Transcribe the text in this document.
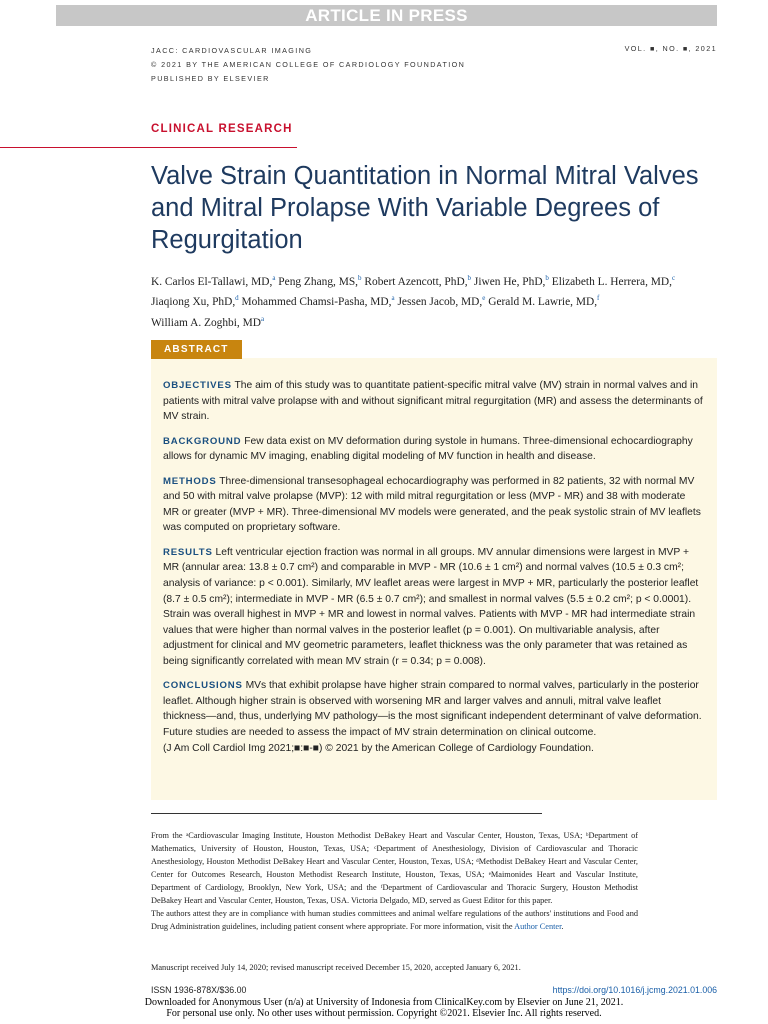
ARTICLE IN PRESS
JACC: CARDIOVASCULAR IMAGING
© 2021 BY THE AMERICAN COLLEGE OF CARDIOLOGY FOUNDATION
PUBLISHED BY ELSEVIER
VOL. ■, NO. ■, 2021
CLINICAL RESEARCH
Valve Strain Quantitation in Normal Mitral Valves and Mitral Prolapse With Variable Degrees of Regurgitation
K. Carlos El-Tallawi, MD,$^a$ Peng Zhang, MS,$^b$ Robert Azencott, PhD,$^b$ Jiwen He, PhD,$^b$ Elizabeth L. Herrera, MD,$^c$
Jiaqiong Xu, PhD,$^d$ Mohammed Chamsi-Pasha, MD,$^a$ Jessen Jacob, MD,$^e$ Gerald M. Lawrie, MD,$^f$
William A. Zoghbi, $MD^a$
ABSTRACT

OBJECTIVES The aim of this study was to quantitate patient-specific mitral valve (MV) strain in normal valves and in patients with mitral valve prolapse with and without significant mitral regurgitation (MR) and assess the determinants of MV strain.

BACKGROUND Few data exist on MV deformation during systole in humans. Three-dimensional echocardiography allows for dynamic MV imaging, enabling digital modeling of MV function in health and disease.

METHODS Three-dimensional transesophageal echocardiography was performed in 82 patients, 32 with normal MV and 50 with mitral valve prolapse (MVP): 12 with mild mitral regurgitation or less (MVP - MR) and 38 with moderate MR or greater (MVP + MR). Three-dimensional MV models were generated, and the peak systolic strain of MV leaflets was computed on proprietary software.

RESULTS Left ventricular ejection fraction was normal in all groups. MV annular dimensions were largest in MVP + MR (annular area: 13.8 ± 0.7 cm²) and comparable in MVP - MR (10.6 ± 1 cm²) and normal valves (10.5 ± 0.3 cm²; analysis of variance: p < 0.001). Similarly, MV leaflet areas were largest in MVP + MR, particularly the posterior leaflet (8.7 ± 0.5 cm²); intermediate in MVP - MR (6.5 ± 0.7 cm²); and smallest in normal valves (5.5 ± 0.2 cm²; p < 0.0001). Strain was overall highest in MVP + MR and lowest in normal valves. Patients with MVP - MR had intermediate strain values that were higher than normal valves in the posterior leaflet (p = 0.001). On multivariable analysis, after adjustment for clinical and MV geometric parameters, leaflet thickness was the only parameter that was retained as being significantly correlated with mean MV strain (r = 0.34; p = 0.008).

CONCLUSIONS MVs that exhibit prolapse have higher strain compared to normal valves, particularly in the posterior leaflet. Although higher strain is observed with worsening MR and larger valves and annuli, mitral valve leaflet thickness—and, thus, underlying MV pathology—is the most significant independent determinant of valve deformation. Future studies are needed to assess the impact of MV strain determination on clinical outcome.

(J Am Coll Cardiol Img 2021;■:■-■) © 2021 by the American College of Cardiology Foundation.

From the ᵃCardiovascular Imaging Institute, Houston Methodist DeBakey Heart and Vascular Center, Houston, Texas, USA; ᵇDepartment of Mathematics, University of Houston, Houston, Texas, USA; ᶜDepartment of Anesthesiology, Division of Cardiovascular and Thoracic Anesthesiology, Houston Methodist DeBakey Heart and Vascular Center, Houston, Texas, USA; ᵈMethodist DeBakey Heart and Vascular Center, Center for Outcomes Research, Houston Methodist Research Institute, Houston, Texas, USA; ᵉMaimonides Heart and Vascular Institute, Department of Cardiology, Brooklyn, New York, USA; and the ᶠDepartment of Cardiovascular and Thoracic Surgery, Houston Methodist DeBakey Heart and Vascular Center, Houston, Texas, USA. Victoria Delgado, MD, served as Guest Editor for this paper.

The authors attest they are in compliance with human studies committees and animal welfare regulations of the authors' institutions and Food and Drug Administration guidelines, including patient consent where appropriate. For more information, visit the Author Center.

Manuscript received July 14, 2020; revised manuscript received December 15, 2020, accepted January 6, 2021.
ISSN 1936-878X/$36.00	https://doi.org/10.1016/j.jcmg.2021.01.006
Downloaded for Anonymous User (n/a) at University of Indonesia from ClinicalKey.com by Elsevier on June 21, 2021.
For personal use only. No other uses without permission. Copyright ©2021. Elsevier Inc. All rights reserved.
